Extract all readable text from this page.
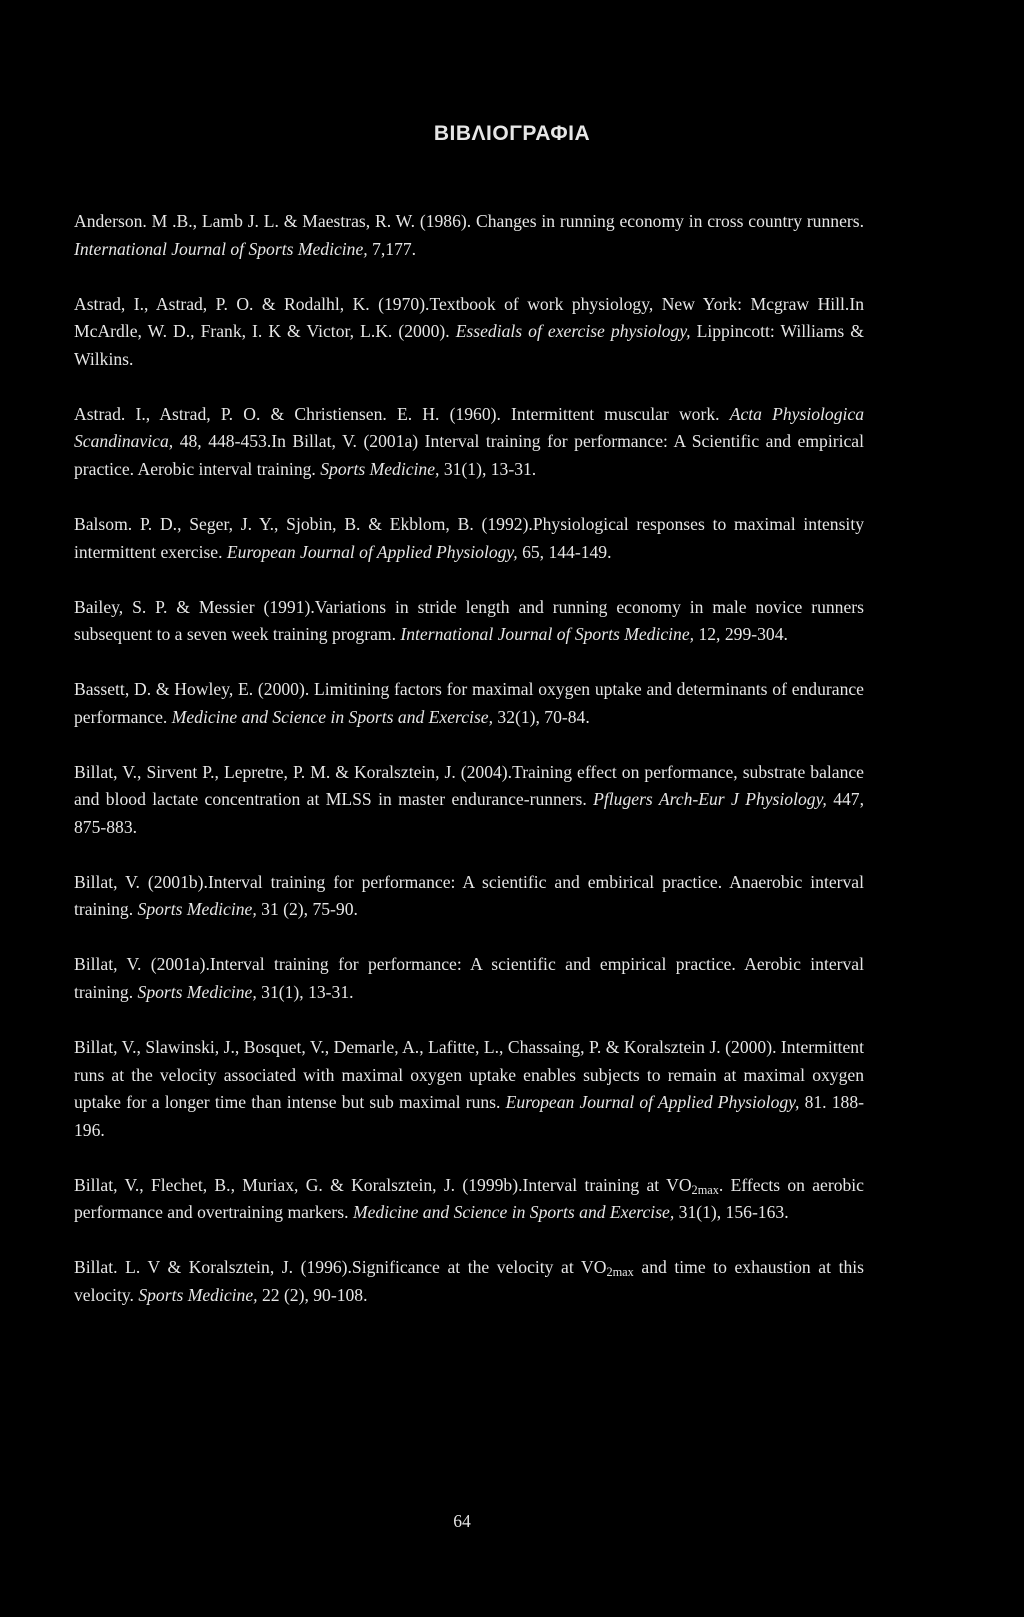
ΒΙΒΛΙΟΓΡΑΦΙΑ

Anderson. M .B., Lamb J. L. & Maestras, R. W. (1986). Changes in running economy in cross country runners. International Journal of Sports Medicine, 7,177.

Astrad, I., Astrad, P. O. & Rodalhl, K. (1970).Textbook of work physiology, New York: Mcgraw Hill.In McArdle, W. D., Frank, I. K & Victor, L.K. (2000). Essedials of exercise physiology, Lippincott: Williams & Wilkins.

Astrad. I., Astrad, P. O. & Christiensen. E. H. (1960). Intermittent muscular work. Acta Physiologica Scandinavica, 48, 448-453.In Billat, V. (2001a) Interval training for performance: A Scientific and empirical practice. Aerobic interval training. Sports Medicine, 31(1), 13-31.

Balsom. P. D., Seger, J. Y., Sjobin, B. & Ekblom, B. (1992).Physiological responses to maximal intensity intermittent exercise. European Journal of Applied Physiology, 65, 144-149.

Bailey, S. P. & Messier (1991).Variations in stride length and running economy in male novice runners subsequent to a seven week training program. International Journal of Sports Medicine, 12, 299-304.

Bassett, D. & Howley, E. (2000). Limitining factors for maximal oxygen uptake and determinants of endurance performance. Medicine and Science in Sports and Exercise, 32(1), 70-84.

Billat, V., Sirvent P., Lepretre, P. M. & Koralsztein, J. (2004).Training effect on performance, substrate balance and blood lactate concentration at MLSS in master endurance-runners. Pflugers Arch-Eur J Physiology, 447, 875-883.

Billat, V. (2001b).Interval training for performance: A scientific and embirical practice. Anaerobic interval training. Sports Medicine, 31 (2), 75-90.

Billat, V. (2001a).Interval training for performance: A scientific and empirical practice. Aerobic interval training. Sports Medicine, 31(1), 13-31.

Billat, V., Slawinski, J., Bosquet, V., Demarle, A., Lafitte, L., Chassaing, P. & Koralsztein J. (2000). Intermittent runs at the velocity associated with maximal oxygen uptake enables subjects to remain at maximal oxygen uptake for a longer time than intense but sub maximal runs. European Journal of Applied Physiology, 81. 188-196.

Billat, V., Flechet, B., Muriax, G. & Koralsztein, J. (1999b).Interval training at $VO_{2max}$. Effects on aerobic performance and overtraining markers. Medicine and Science in Sports and Exercise, 31(1), 156-163.

Billat. L. V & Koralsztein, J. (1996).Significance at the velocity at $VO_{2max}$ and time to exhaustion at this velocity. Sports Medicine, 22 (2), 90-108.

64
